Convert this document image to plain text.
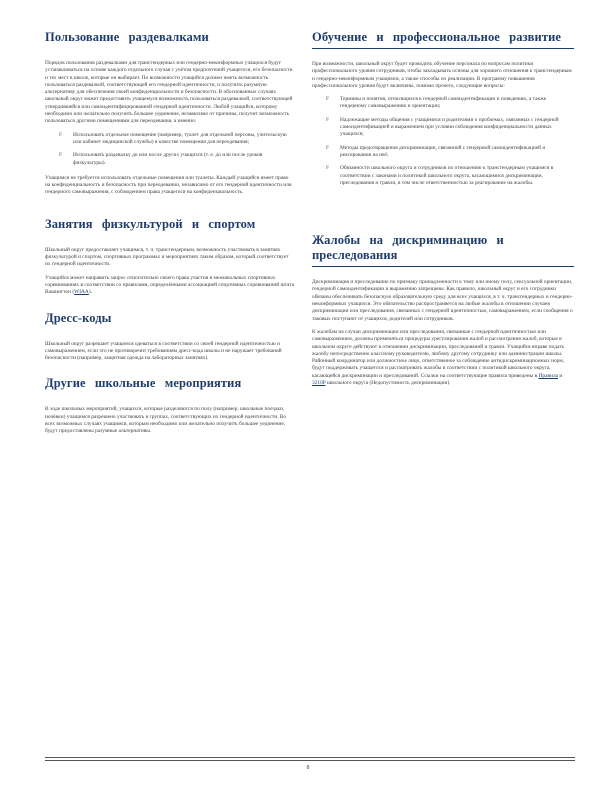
Пользование раздевалками

Порядок пользования раздевалками для трансгендерных или гендерно-неконформных учащихся будут устанавливаться на основе каждого отдельного случая с учётом предпочтений учащегося, его безопасности и тех мест в школе, которые он выбирает. По возможности учащийся должен иметь возможность пользоваться раздевалкой, соответствующей его гендерной идентичности, и получить разумную альтернативу для обеспечения своей конфиденциальности и безопасности. В обоснованных случаях школьный округ может предоставить учащемуся возможность пользоваться раздевалкой, соответствующей утвердившейся или самоидентифицированной гендерной идентичности. Любой учащийся, которому необходимо или желательно получить большее уединение, независимо от причины, получит возможность пользоваться другими помещениями для переодевания, а именно:

F Использовать отдельное помещение (например, туалет для отдельной персоны, учительскую или кабинет медицинской службы) в качестве помещения для переодевания;
F Использовать раздевалку до или после других учащихся (т. е. до или после уроков физкультуры).

Учащимся не требуется использовать отдельные помещения или туалеты. Каждый учащийся имеет право на конфиденциальность и безопасность при переодевании, независимо от его гендерной идентичности или гендерного самовыражения, с соблюдением права учащегося на конфиденциальность.

Занятия физкультурой и спортом

Школьный округ предоставляет учащимся, т. ч. трансгендерным, возможность участвовать в занятиях физкультурой и спортом, спортивных программах и мероприятиях таким образом, который соответствует их гендерной идентичности.

Учащийся может направить запрос относительно своего права участия в межшкольных спортивных соревнованиях в соответствии со правилами, определёнными ассоциацией спортивных соревнований штата Вашингтон (WIAA).

Дресс-коды

Школьный округ разрешает учащимся одеваться в соответствии со своей гендерной идентичностью и самовыражением, если это не противоречит требованиям дресс-кода школы и не нарушает требований безопасности (например, защитная одежда на лабораторных занятиях).

Другие школьные мероприятия

В ходе школьных мероприятий, учащихся, которые разделяются по полу (например, школьные поездки, ночёвки) учащимся разрешено участвовать в группах, соответствующих их гендерной идентичности. Во всех возможных случаях учащимся, которым необходимо или желательно получить большее уединение, будут предоставлены разумные альтернативы.

Обучение и профессиональное развитие

При возможности, школьный округ будет проводить обучение персонала по вопросам политики профессионального уровня сотрудников, чтобы закладывать основы для хорошего отношения к трансгендерным и гендерно-неконформным учащимся, а также способы их реализации. В программу повышения профессионального уровня будут включены, помимо прочего, следующие вопросы:

F Термины и понятия, относящиеся к гендерной самоидентификации и поведению, а также гендерному самовыражению и ориентации;
F Надлежащие методы общения с учащимися и родителями о проблемах, связанных с гендерной самоидентификацией и выражением при условии соблюдения конфиденциальности данных учащихся;
F Методы предотвращения дискриминации, связанной с гендерной самоидентификацией и реагирования на неё;
F Обязанности школьного округа и сотрудников по отношению к трансгендерным учащимся в соответствии с законами и политикой школьного округа, касающимися дискриминации, преследования и травли, в том числе ответственностью за реагирование на жалобы.
Жалобы на дискриминацию и преследования

Дискриминация и преследование по признаку принадлежности к тому или иному полу, сексуальной ориентации, гендерной самоидентификации и выражению запрещены. Как правило, школьный округ и его сотрудники обязаны обеспечивать безопасную образовательную среду для всех учащихся, в т. ч. трансгендерных и гендерно-неконформных учащихся. Это обязательство распространяется на любые жалобы в отношении случаев дискриминации или преследования, связанных с гендерной идентичностью, самовыражением, если сообщения о таковых поступают от учащихся, родителей или сотрудников.

К жалобам на случаи дискриминации или преследования, связанные с гендерной идентичностью или самовыражением, должны применяться процедуры урегулирования жалоб и рассмотрения жалоб, которые в школьном округе действуют в отношении дискриминации, преследований и травли. Учащийся вправе подать жалобу непосредственно классному руководителю, любому другому сотруднику или администрации школы. Районный координатор или должностное лицо, ответственное за соблюдение антидискриминационных норм, будут поддерживать учащегося и рассматривать жалобы в соответствии с политикой школьного округа, касающейся дискриминации и преследований. Ссылки на соответствующие правила приведены в Правила и 3210P школьного округа (Недопустимость дискриминации).

8
